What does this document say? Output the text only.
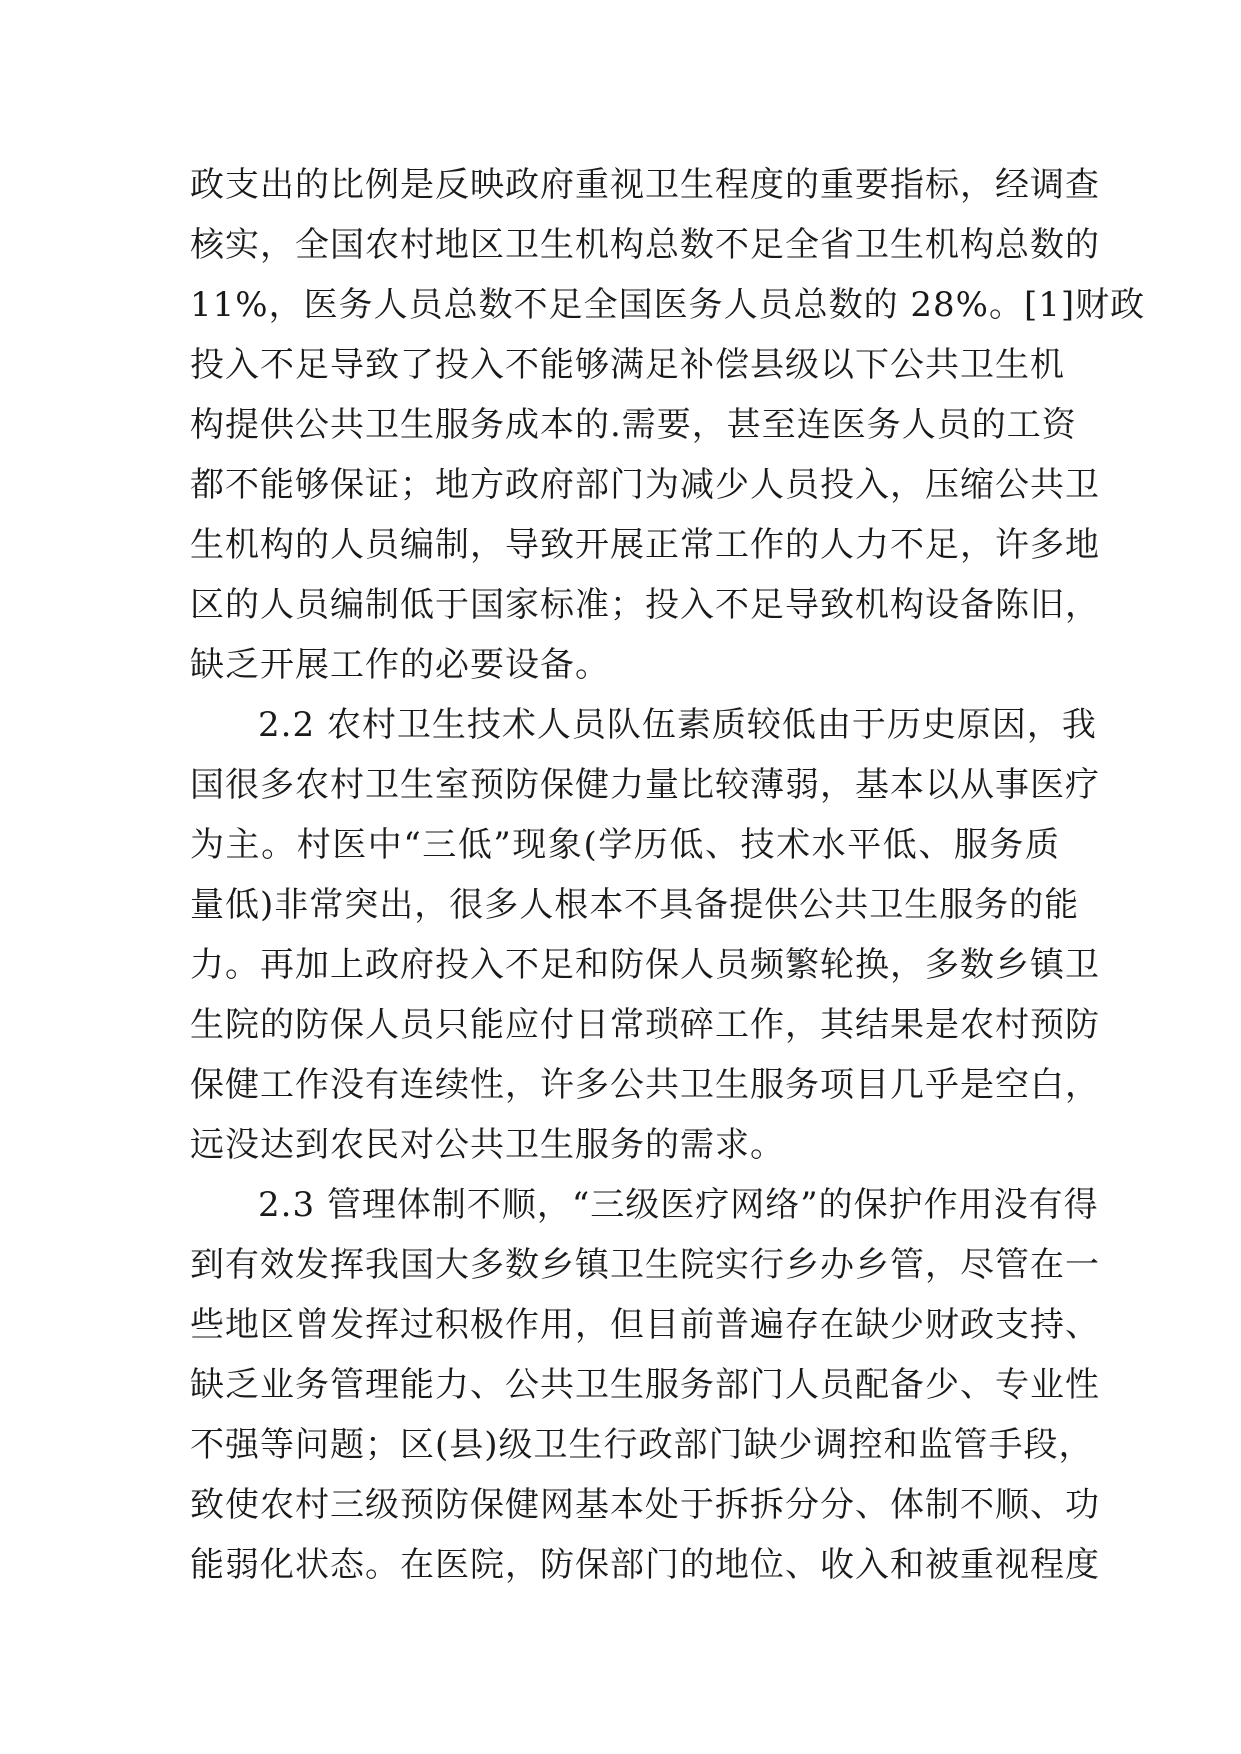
政支出的比例是反映政府重视卫生程度的重要指标，经调查
核实，全国农村地区卫生机构总数不足全省卫生机构总数的
11%，医务人员总数不足全国医务人员总数的 28%。[1]财政
投入不足导致了投入不能够满足补偿县级以下公共卫生机
构提供公共卫生服务成本的.需要，甚至连医务人员的工资
都不能够保证；地方政府部门为减少人员投入，压缩公共卫
生机构的人员编制，导致开展正常工作的人力不足，许多地
区的人员编制低于国家标准；投入不足导致机构设备陈旧，
缺乏开展工作的必要设备。
2.2 农村卫生技术人员队伍素质较低由于历史原因，我
国很多农村卫生室预防保健力量比较薄弱，基本以从事医疗
为主。村医中“三低”现象(学历低、技术水平低、服务质
量低)非常突出，很多人根本不具备提供公共卫生服务的能
力。再加上政府投入不足和防保人员频繁轮换，多数乡镇卫
生院的防保人员只能应付日常琐碎工作，其结果是农村预防
保健工作没有连续性，许多公共卫生服务项目几乎是空白，
远没达到农民对公共卫生服务的需求。
2.3 管理体制不顺，“三级医疗网络”的保护作用没有得
到有效发挥我国大多数乡镇卫生院实行乡办乡管，尽管在一
些地区曾发挥过积极作用，但目前普遍存在缺少财政支持、
缺乏业务管理能力、公共卫生服务部门人员配备少、专业性
不强等问题；区(县)级卫生行政部门缺少调控和监管手段，
致使农村三级预防保健网基本处于拆拆分分、体制不顺、功
能弱化状态。在医院，防保部门的地位、收入和被重视程度
